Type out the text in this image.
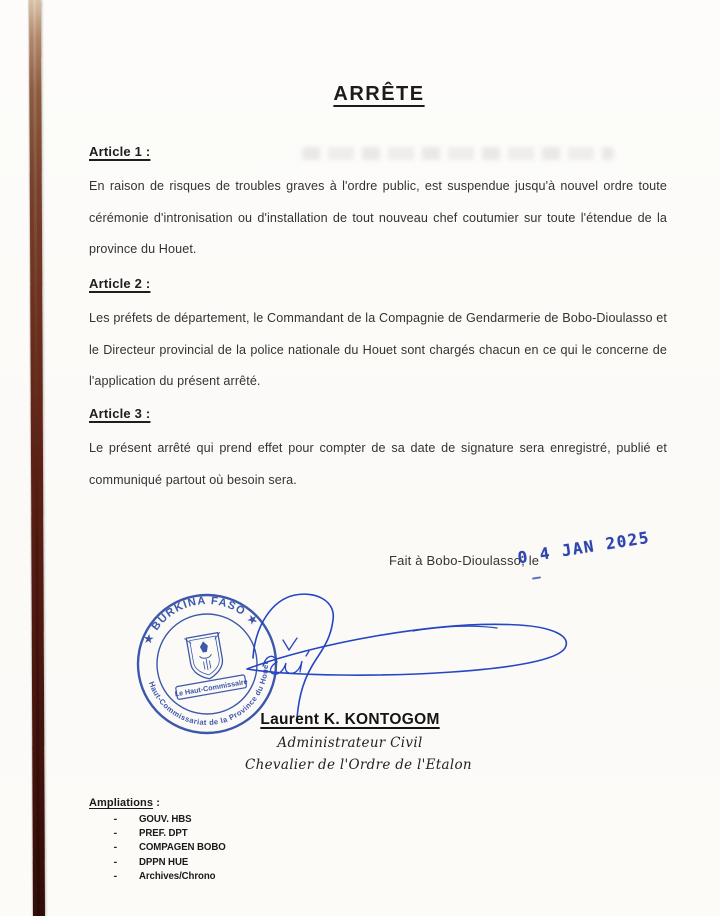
ARRÊTE
Article 1 :
En raison de risques de troubles graves à l'ordre public, est suspendue jusqu'à nouvel ordre toute cérémonie d'intronisation ou d'installation de tout nouveau chef coutumier sur toute l'étendue de la province du Houet.
Article 2 :
Les préfets de département, le Commandant de la Compagnie de Gendarmerie de Bobo-Dioulasso et le Directeur provincial de la police nationale du Houet sont chargés chacun en ce qui le concerne de l'application du présent arrêté.
Article 3 :
Le présent arrêté qui prend effet pour compter de sa date de signature sera enregistré, publié et communiqué partout où besoin sera.
Fait à Bobo-Dioulasso, le
0 4 JAN 2025
★ BURKINA FASO ★
Haut-Commissariat de la Province du Houet
Le Haut-Commissaire
Laurent K. KONTOGOM
Administrateur Civil
Chevalier de l'Ordre de l'Etalon
Ampliations :
- GOUV. HBS
- PREF. DPT
- COMPAGEN BOBO
- DPPN HUE
- Archives/Chrono
